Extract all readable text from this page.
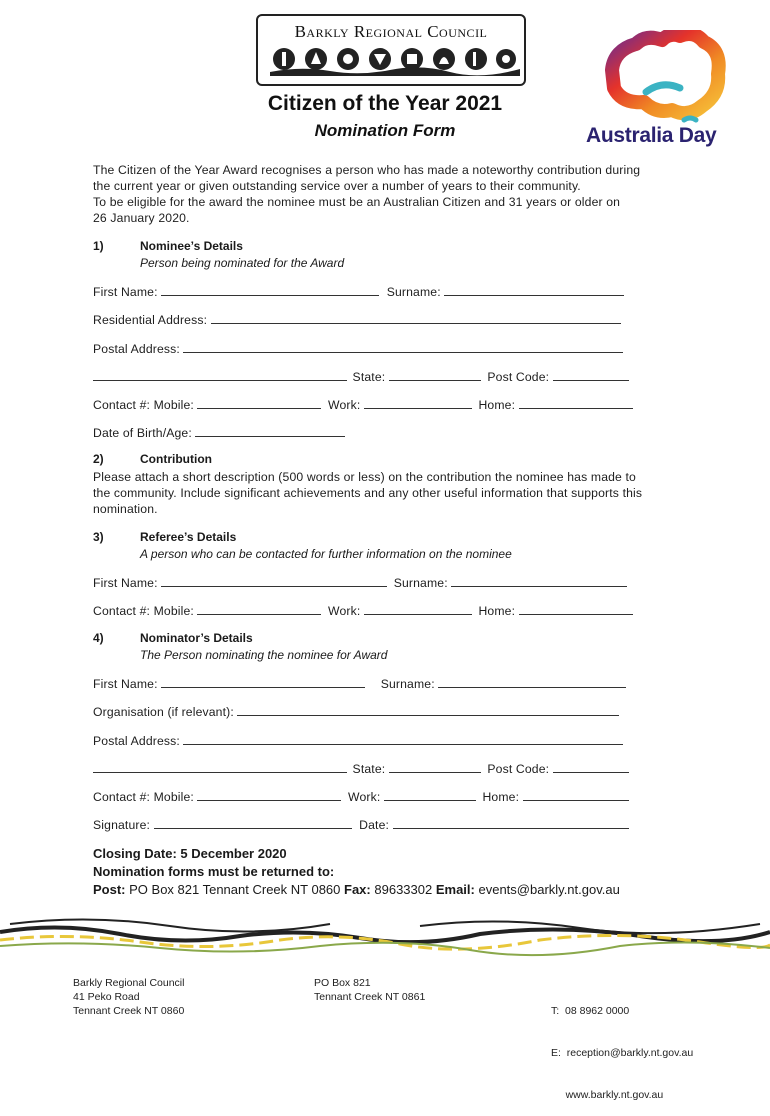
Barkly Regional Council
Australia Day
Citizen of the Year 2021
Nomination Form
The Citizen of the Year Award recognises a person who has made a noteworthy contribution during
the current year or given outstanding service over a number of years to their community.
To be eligible for the award the nominee must be an Australian Citizen and 31 years or older on
26 January 2020.
1)	Nominee’s Details
Person being nominated for the Award
First Name:	Surname:
Residential Address:
Postal Address:
State:	Post Code:
Contact #: Mobile:	Work:	Home:
Date of Birth/Age:
2)	Contribution
Please attach a short description (500 words or less) on the contribution the nominee has made to
the community. Include significant achievements and any other useful information that supports this
nomination.
3)	Referee’s Details
A person who can be contacted for further information on the nominee
First Name:	Surname:
Contact #: Mobile:	Work:	Home:
4)	Nominator’s Details
The Person nominating the nominee for Award
First Name:	Surname:
Organisation (if relevant):
Postal Address:
State:	Post Code:
Contact #: Mobile:	Work:	Home:
Signature:	Date:
Closing Date: 5 December 2020
Nomination forms must be returned to:
Post: PO Box 821 Tennant Creek NT 0860 Fax: 89633302 Email: events@barkly.nt.gov.au
Barkly Regional Council
41 Peko Road
Tennant Creek NT 0860
PO Box 821
Tennant Creek NT 0861

T:  08 8962 0000

E:  reception@barkly.nt.gov.au

www.barkly.nt.gov.au
